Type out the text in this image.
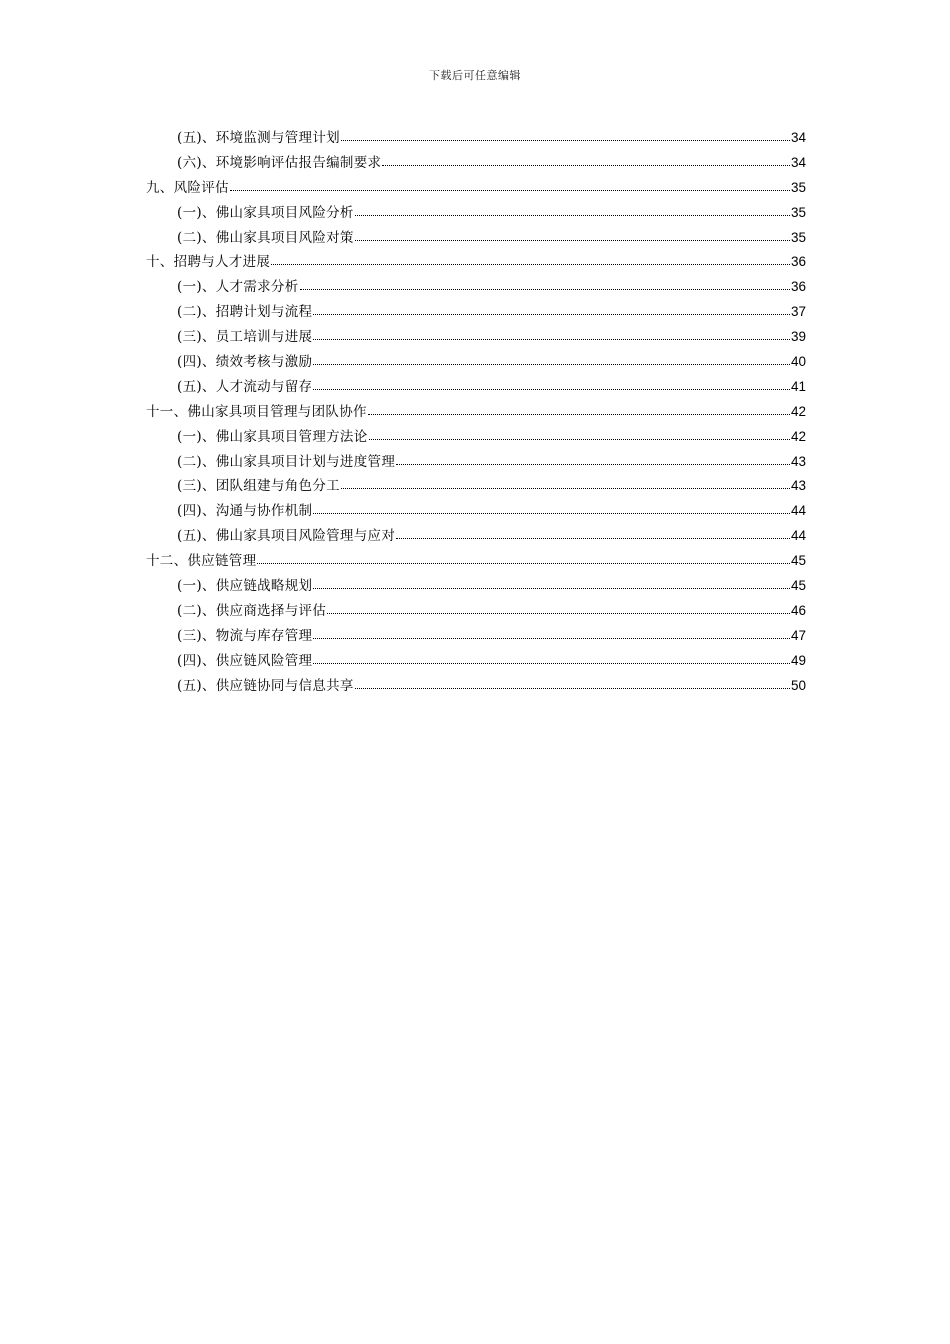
下载后可任意编辑
(五)、环境监测与管理计划	34
(六)、环境影响评估报告编制要求	34
九、风险评估	35
(一)、佛山家具项目风险分析	35
(二)、佛山家具项目风险对策	35
十、招聘与人才进展	36
(一)、人才需求分析	36
(二)、招聘计划与流程	37
(三)、员工培训与进展	39
(四)、绩效考核与激励	40
(五)、人才流动与留存	41
十一、佛山家具项目管理与团队协作	42
(一)、佛山家具项目管理方法论	42
(二)、佛山家具项目计划与进度管理	43
(三)、团队组建与角色分工	43
(四)、沟通与协作机制	44
(五)、佛山家具项目风险管理与应对	44
十二、供应链管理	45
(一)、供应链战略规划	45
(二)、供应商选择与评估	46
(三)、物流与库存管理	47
(四)、供应链风险管理	49
(五)、供应链协同与信息共享	50
